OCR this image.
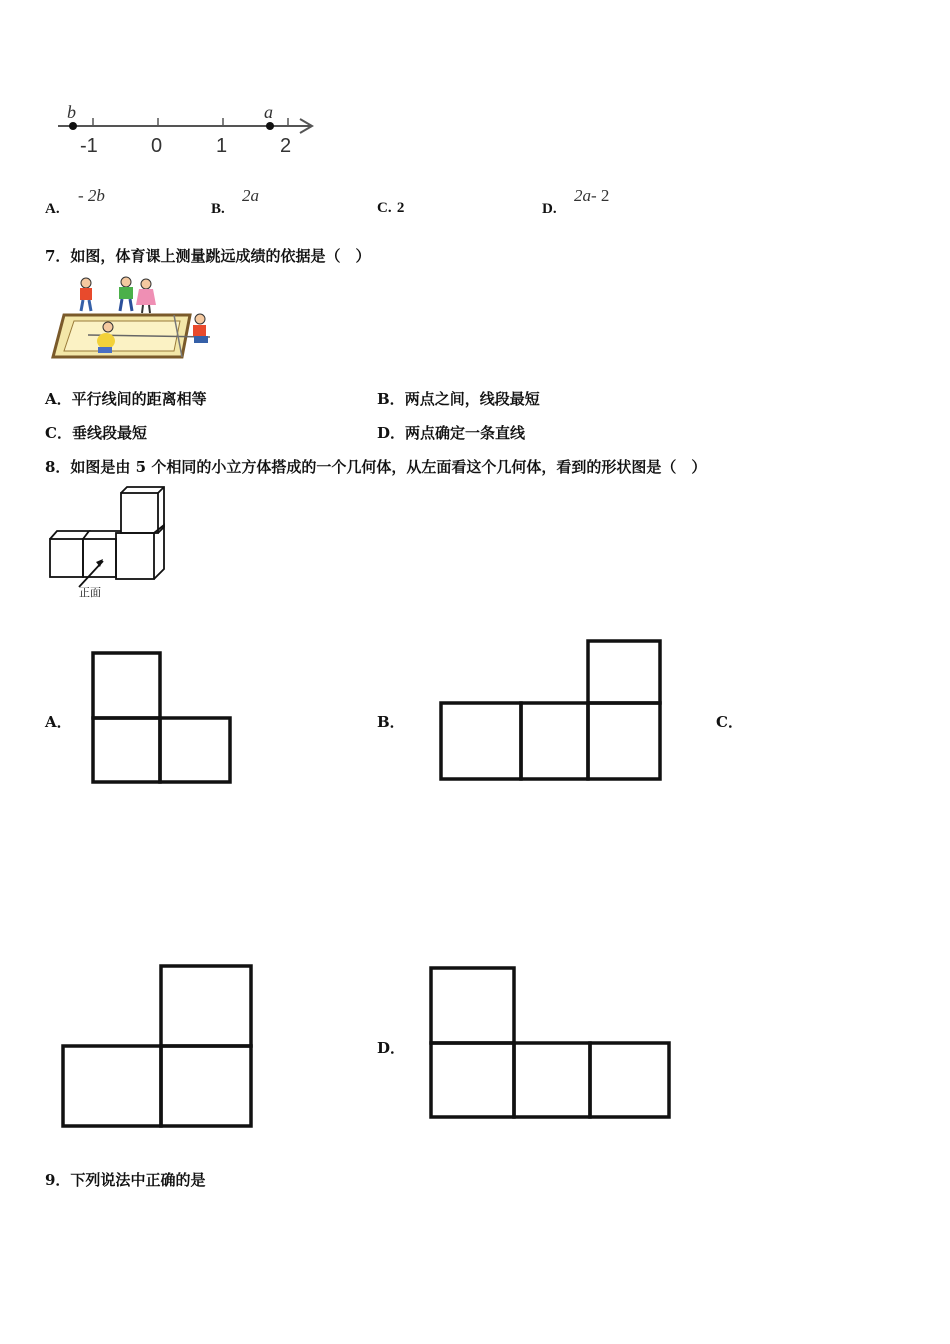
b	a
-1	0	1	2
A.
- 2b
B.
2a
C. 2	D.
2a- 2
7．如图，体育课上测量跳远成绩的依据是（　）
A．平行线间的距离相等	B．两点之间，线段最短
C．垂线段最短	D．两点确定一条直线
8．如图是由 5 个相同的小立方体搭成的一个几何体，从左面看这个几何体，看到的形状图是（　）
正面
A．	B．	C．
D．
9．下列说法中正确的是
